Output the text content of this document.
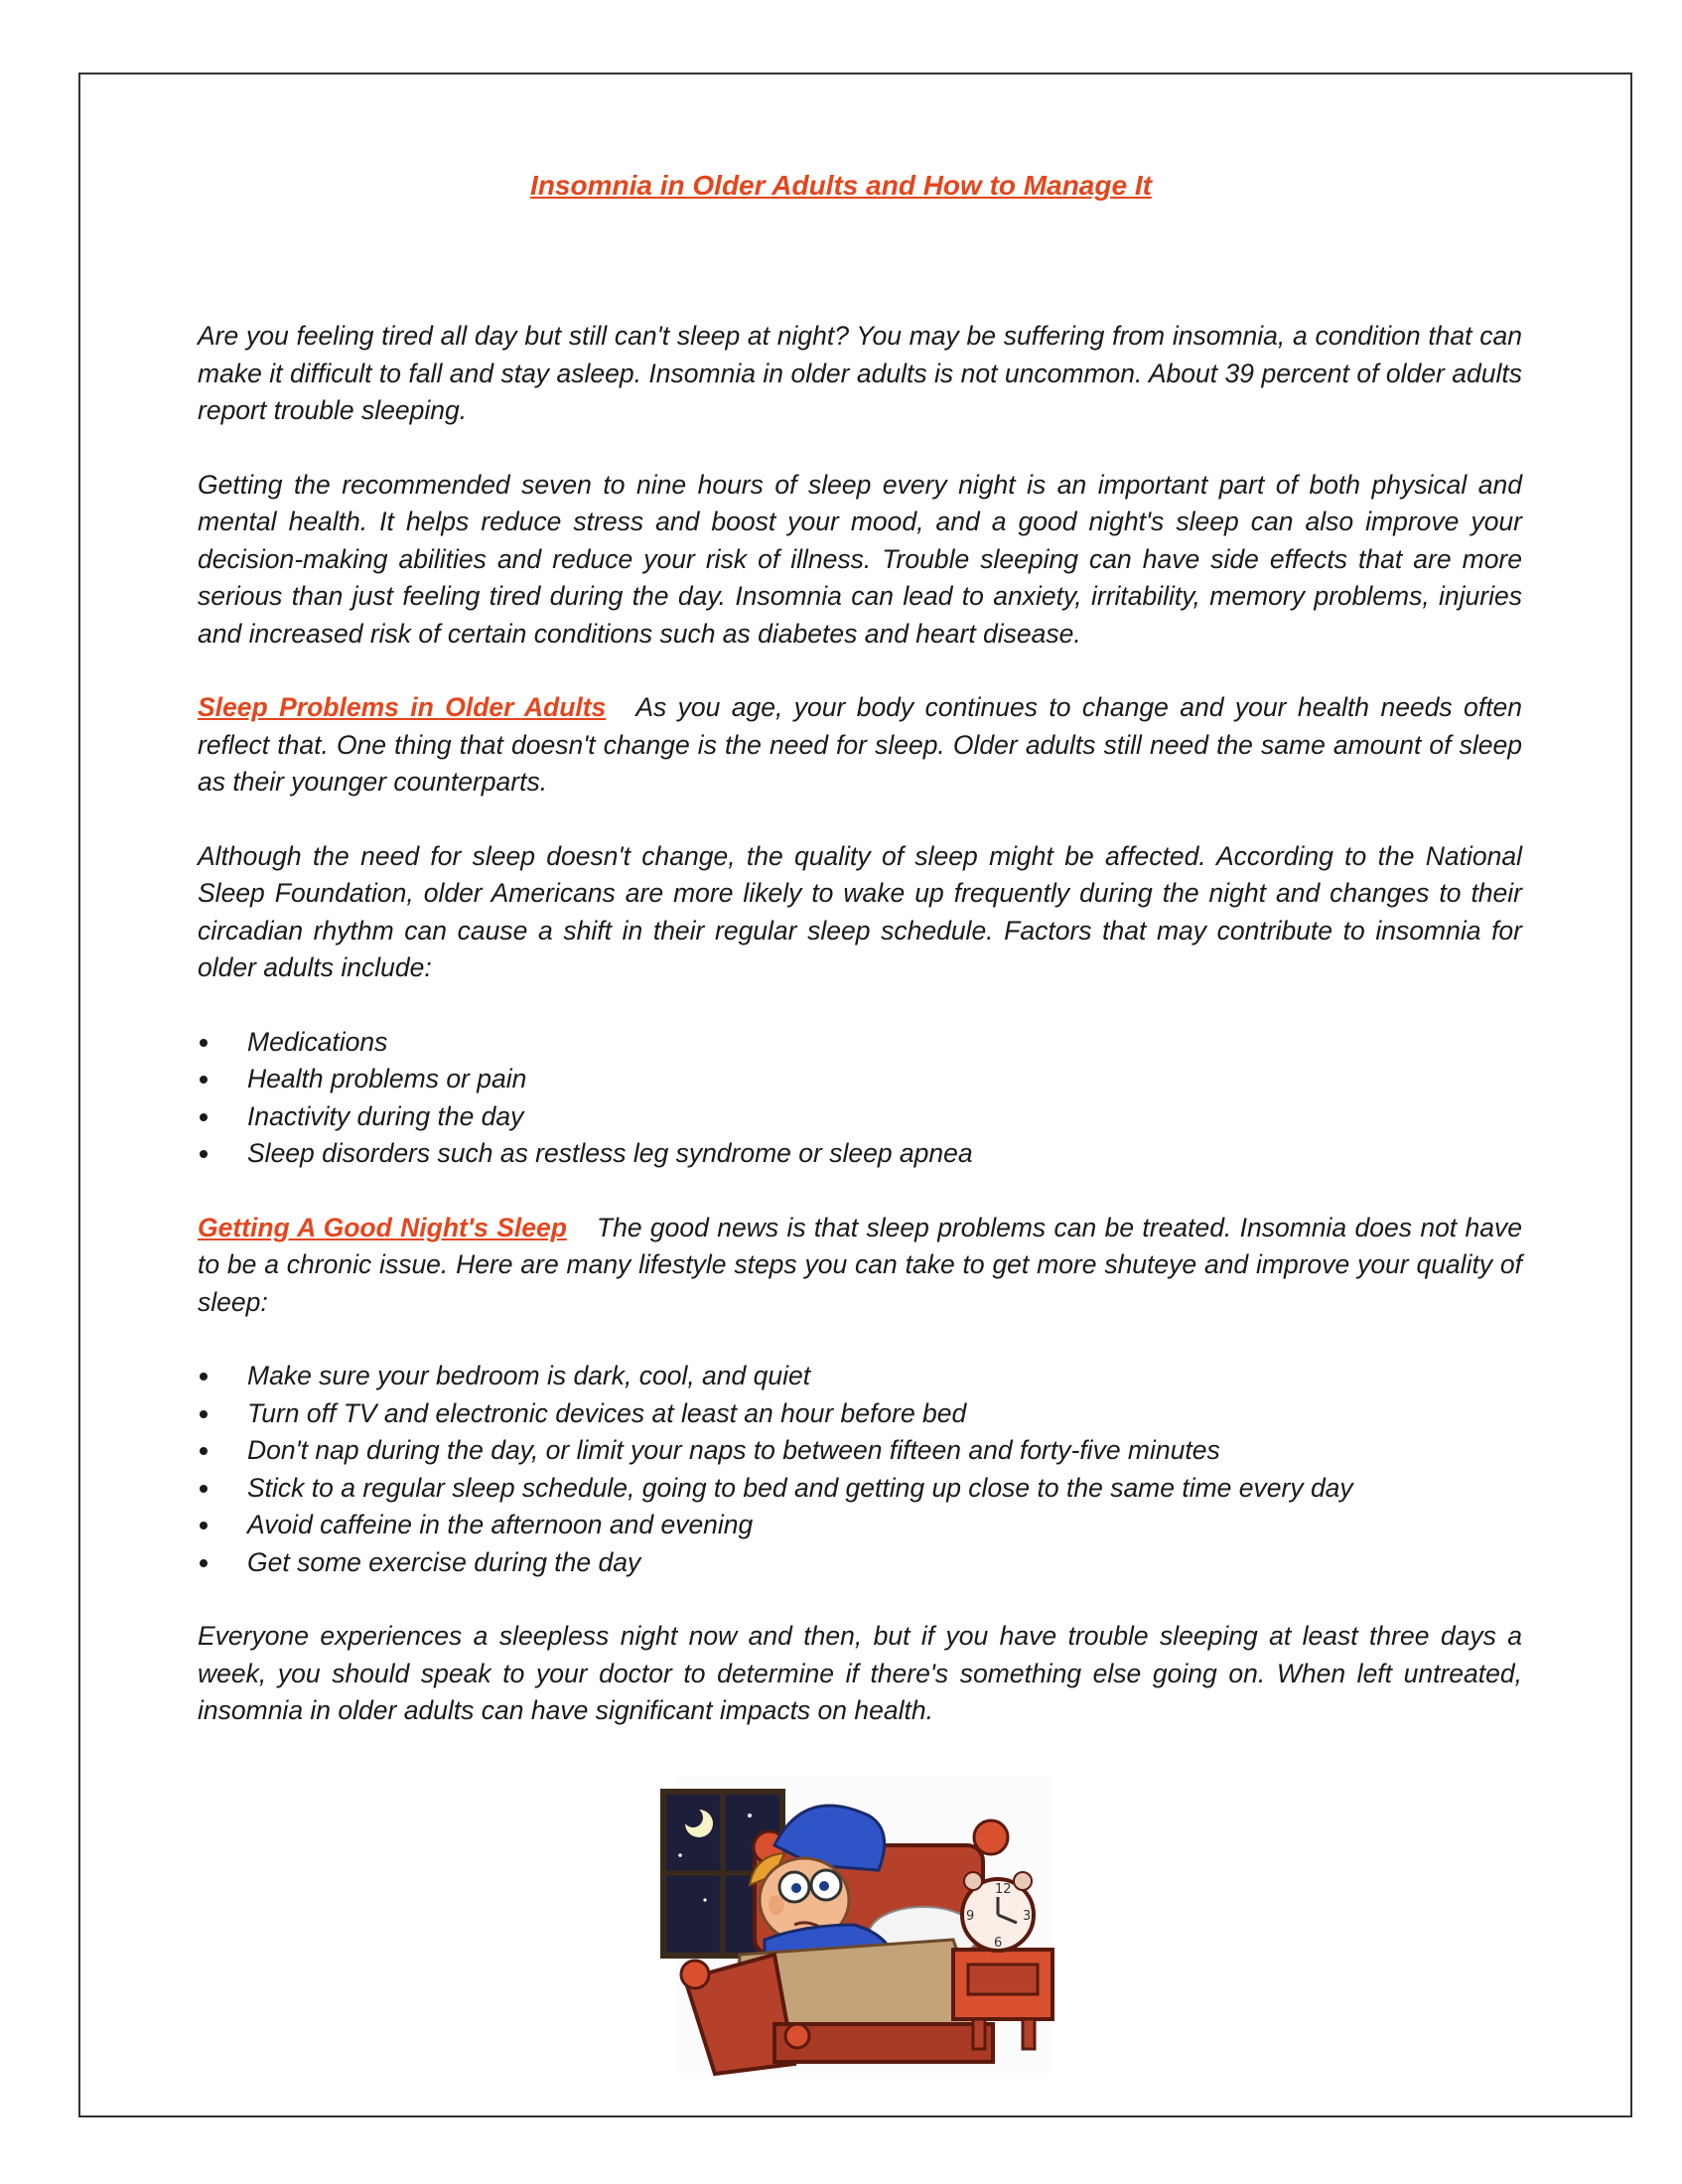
Insomnia in Older Adults and How to Manage It

Are you feeling tired all day but still can't sleep at night? You may be suffering from insomnia, a condition that can make it difficult to fall and stay asleep. Insomnia in older adults is not uncommon. About 39 percent of older adults report trouble sleeping.

Getting the recommended seven to nine hours of sleep every night is an important part of both physical and mental health. It helps reduce stress and boost your mood, and a good night's sleep can also improve your decision-making abilities and reduce your risk of illness. Trouble sleeping can have side effects that are more serious than just feeling tired during the day. Insomnia can lead to anxiety, irritability, memory problems, injuries and increased risk of certain conditions such as diabetes and heart disease.

Sleep Problems in Older Adults As you age, your body continues to change and your health needs often reflect that. One thing that doesn't change is the need for sleep. Older adults still need the same amount of sleep as their younger counterparts.

Although the need for sleep doesn't change, the quality of sleep might be affected. According to the National Sleep Foundation, older Americans are more likely to wake up frequently during the night and changes to their circadian rhythm can cause a shift in their regular sleep schedule. Factors that may contribute to insomnia for older adults include:

Medications
Health problems or pain
Inactivity during the day
Sleep disorders such as restless leg syndrome or sleep apnea

Getting A Good Night's Sleep The good news is that sleep problems can be treated. Insomnia does not have to be a chronic issue. Here are many lifestyle steps you can take to get more shuteye and improve your quality of sleep:

Make sure your bedroom is dark, cool, and quiet
Turn off TV and electronic devices at least an hour before bed
Don't nap during the day, or limit your naps to between fifteen and forty-five minutes
Stick to a regular sleep schedule, going to bed and getting up close to the same time every day
Avoid caffeine in the afternoon and evening
Get some exercise during the day

Everyone experiences a sleepless night now and then, but if you have trouble sleeping at least three days a week, you should speak to your doctor to determine if there's something else going on. When left untreated, insomnia in older adults can have significant impacts on health.

12
3
6
9
